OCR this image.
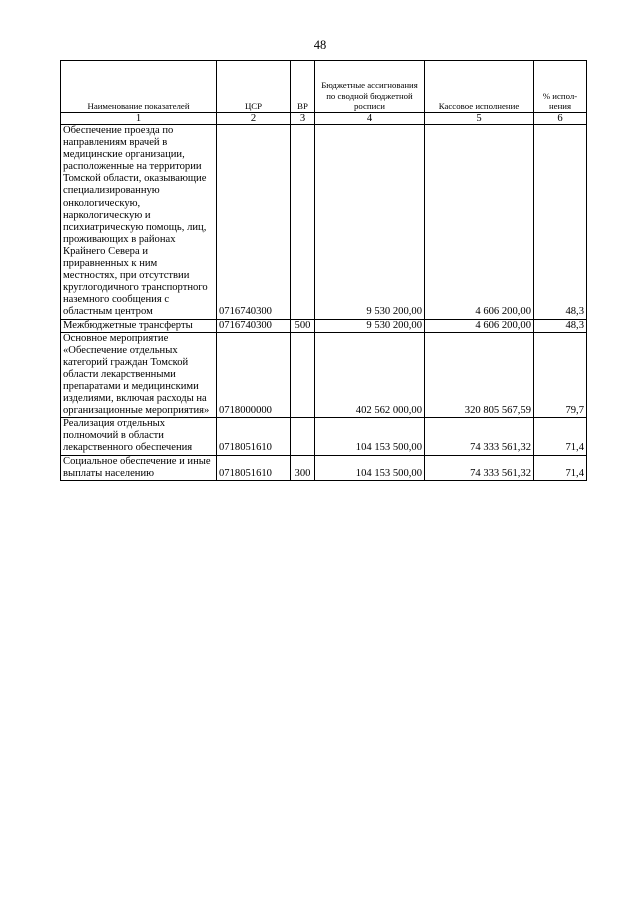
48
Наименование показателей	ЦСР	ВР	Бюджетные ассигнования по сводной бюджетной росписи	Кассовое исполнение	% испол-нения
1	2	3	4	5	6
Обеспечение проезда по направлениям врачей в медицинские организации, расположенные на территории Томской области, оказывающие специализированную онкологическую, наркологическую и психиатрическую помощь, лиц, проживающих в районах Крайнего Севера и приравненных к ним местностях, при отсутствии круглогодичного транспортного наземного сообщения с областным центром	0716740300		9 530 200,00	4 606 200,00	48,3
Межбюджетные трансферты	0716740300	500	9 530 200,00	4 606 200,00	48,3
Основное мероприятие «Обеспечение отдельных категорий граждан Томской области лекарственными препаратами и медицинскими изделиями, включая расходы на организационные мероприятия»	0718000000		402 562 000,00	320 805 567,59	79,7
Реализация отдельных полномочий в области лекарственного обеспечения	0718051610		104 153 500,00	74 333 561,32	71,4
Социальное обеспечение и иные выплаты населению	0718051610	300	104 153 500,00	74 333 561,32	71,4
